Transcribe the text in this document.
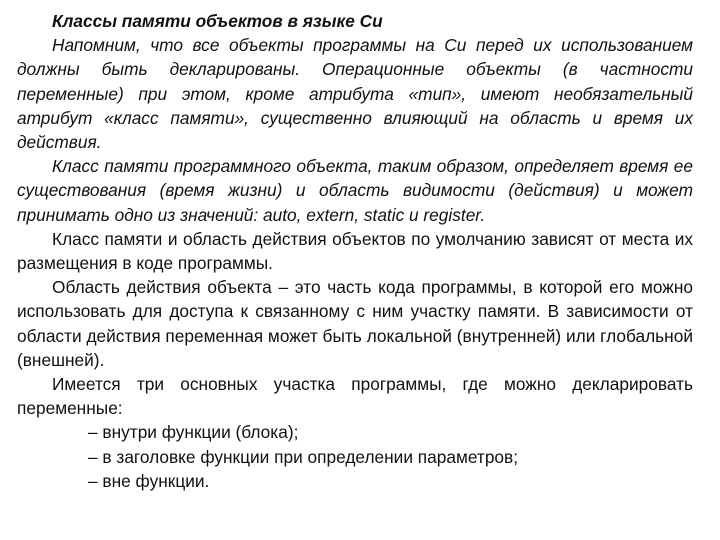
Классы памяти объектов в языке Си

Напомним, что все объекты программы на Си перед их использованием должны быть декларированы. Операционные объекты (в частности переменные) при этом, кроме атрибута «тип», имеют необязательный атрибут «класс памяти», существенно влияющий на область и время их действия.

Класс памяти программного объекта, таким образом, определяет время ее существования (время жизни) и область видимости (действия) и может принимать одно из значений: auto, extern, static и register.

Класс памяти и область действия объектов по умолчанию зависят от места их размещения в коде программы.

Область действия объекта – это часть кода программы, в которой его можно использовать для доступа к связанному с ним участку памяти. В зависимости от области действия переменная может быть локальной (внутренней) или глобальной (внешней).

Имеется три основных участка программы, где можно декларировать переменные:

– внутри функции (блока);
– в заголовке функции при определении параметров;
– вне функции.
